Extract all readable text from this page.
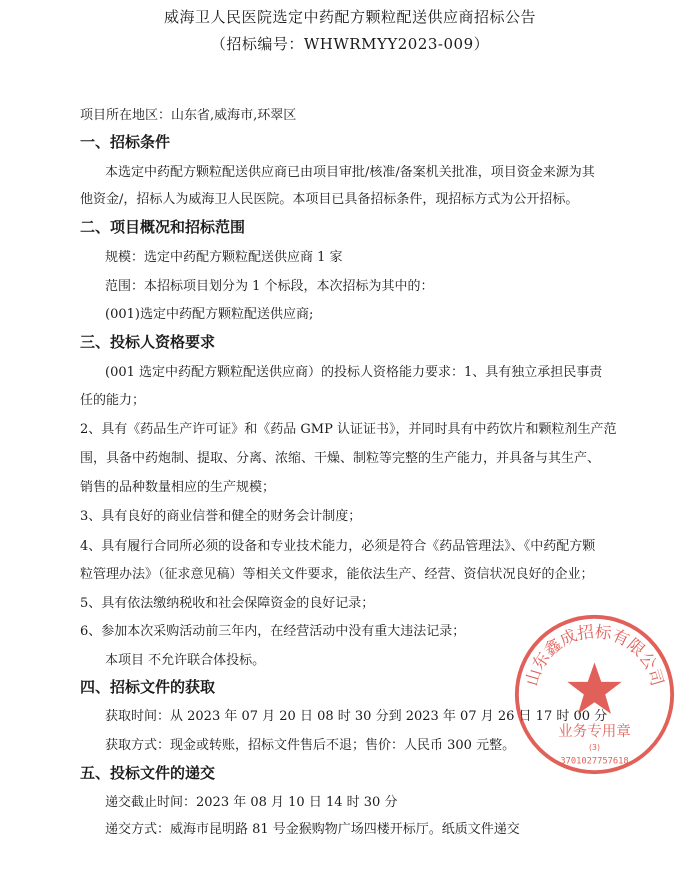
威海卫人民医院选定中药配方颗粒配送供应商招标公告
（招标编号：WHWRMYY2023-009）
项目所在地区：山东省,威海市,环翠区
一、招标条件
本选定中药配方颗粒配送供应商已由项目审批/核准/备案机关批准，项目资金来源为其
他资金/，招标人为威海卫人民医院。本项目已具备招标条件，现招标方式为公开招标。
二、项目概况和招标范围
规模：选定中药配方颗粒配送供应商 1 家
范围：本招标项目划分为 1 个标段，本次招标为其中的：
(001)选定中药配方颗粒配送供应商;
三、投标人资格要求
(001 选定中药配方颗粒配送供应商）的投标人资格能力要求：1、具有独立承担民事责
任的能力；
2、具有《药品生产许可证》和《药品 GMP 认证证书》，并同时具有中药饮片和颗粒剂生产范
围，具备中药炮制、提取、分离、浓缩、干燥、制粒等完整的生产能力，并具备与其生产、
销售的品种数量相应的生产规模；
3、具有良好的商业信誉和健全的财务会计制度；
4、具有履行合同所必须的设备和专业技术能力，必须是符合《药品管理法》、《中药配方颗
粒管理办法》（征求意见稿）等相关文件要求，能依法生产、经营、资信状况良好的企业；
5、具有依法缴纳税收和社会保障资金的良好记录；
6、参加本次采购活动前三年内，在经营活动中没有重大违法记录；
本项目 不允许联合体投标。
四、招标文件的获取
获取时间：从 2023 年 07 月 20 日 08 时 30 分到 2023 年 07 月 26 日 17 时 00 分
获取方式：现金或转账，招标文件售后不退；售价：人民币 300 元整。
五、投标文件的递交
递交截止时间：2023 年 08 月 10 日 14 时 30 分
递交方式：威海市昆明路 81 号金猴购物广场四楼开标厅。纸质文件递交
山东鑫成招标有限公司
业务专用章
(3)
3701027757618
